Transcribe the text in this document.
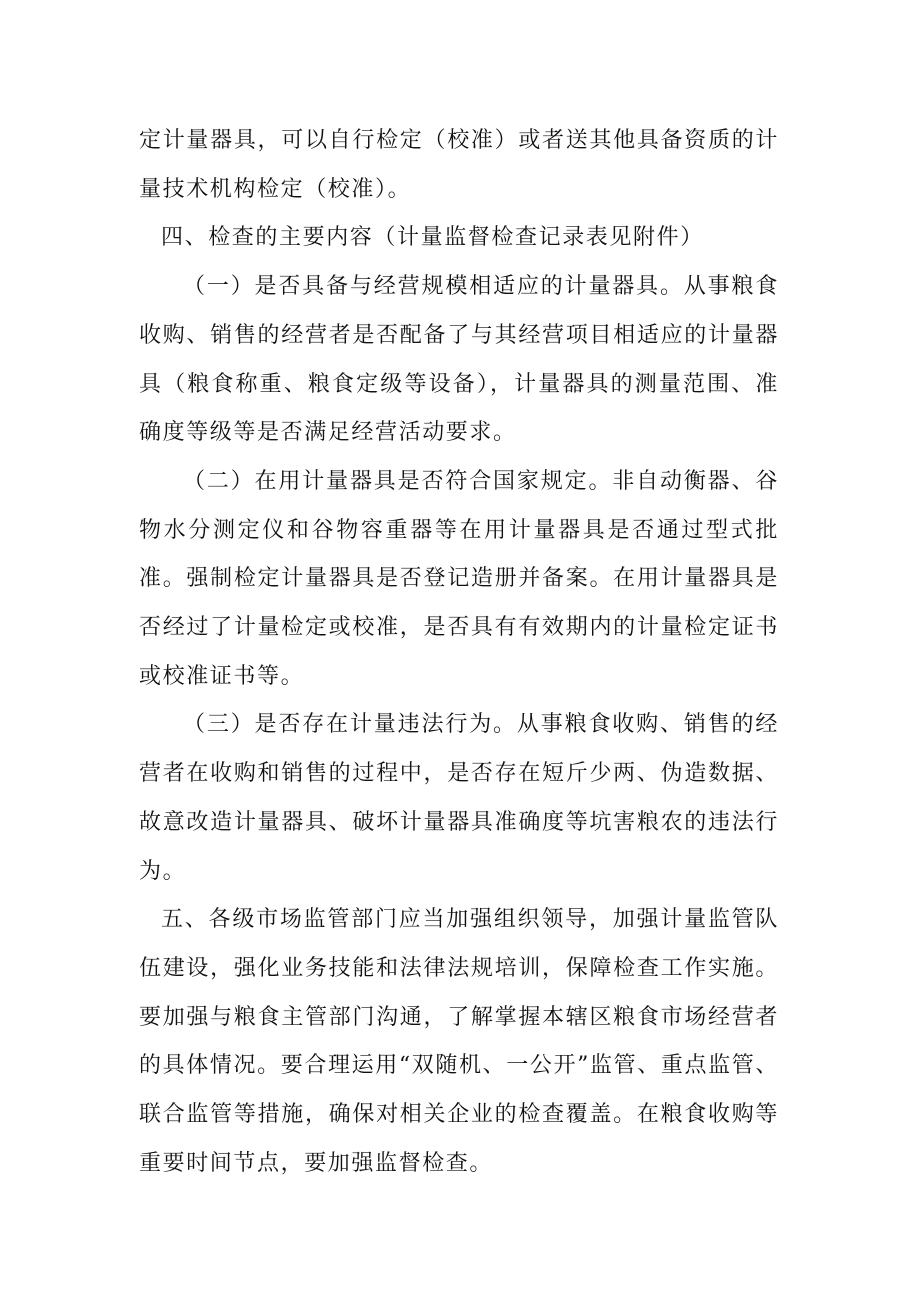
定计量器具，可以自行检定（校准）或者送其他具备资质的计量技术机构检定（校准）。

四、检查的主要内容（计量监督检查记录表见附件）

（一）是否具备与经营规模相适应的计量器具。从事粮食收购、销售的经营者是否配备了与其经营项目相适应的计量器具（粮食称重、粮食定级等设备），计量器具的测量范围、准确度等级等是否满足经营活动要求。

（二）在用计量器具是否符合国家规定。非自动衡器、谷物水分测定仪和谷物容重器等在用计量器具是否通过型式批准。强制检定计量器具是否登记造册并备案。在用计量器具是否经过了计量检定或校准，是否具有有效期内的计量检定证书或校准证书等。

（三）是否存在计量违法行为。从事粮食收购、销售的经营者在收购和销售的过程中，是否存在短斤少两、伪造数据、故意改造计量器具、破坏计量器具准确度等坑害粮农的违法行为。

五、各级市场监管部门应当加强组织领导，加强计量监管队伍建设，强化业务技能和法律法规培训，保障检查工作实施。要加强与粮食主管部门沟通，了解掌握本辖区粮食市场经营者的具体情况。要合理运用“双随机、一公开”监管、重点监管、联合监管等措施，确保对相关企业的检查覆盖。在粮食收购等重要时间节点，要加强监督检查。
